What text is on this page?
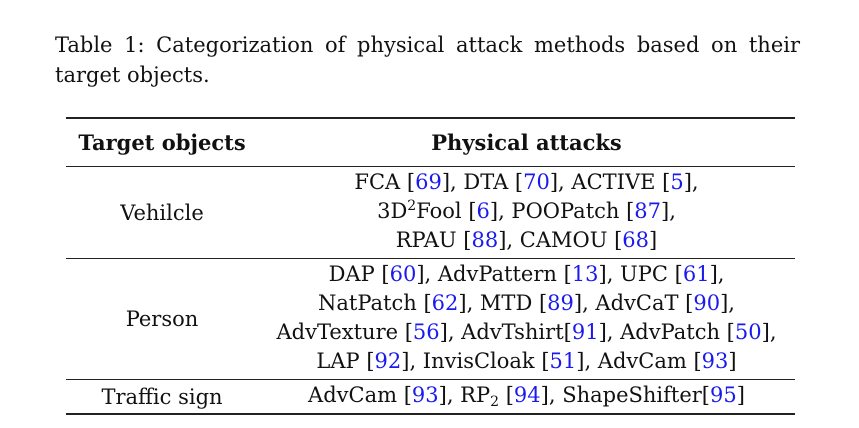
Table 1: Categorization of physical attack methods based on their target objects.
Target objects	Physical attacks
Vehilcle	FCA [69], DTA [70], ACTIVE [5],
$3D^2Fool$ [6], POOPatch [87],
RPAU [88], CAMOU [68]

Person	DAP [60], AdvPattern [13], UPC [61],
NatPatch [62], MTD [89], AdvCaT [90],
AdvTexture [56], AdvTshirt[91], AdvPatch [50],
LAP [92], InvisCloak [51], AdvCam [93]

Traffic sign	AdvCam [93], $RP_2$ [94], ShapeShifter[95]
